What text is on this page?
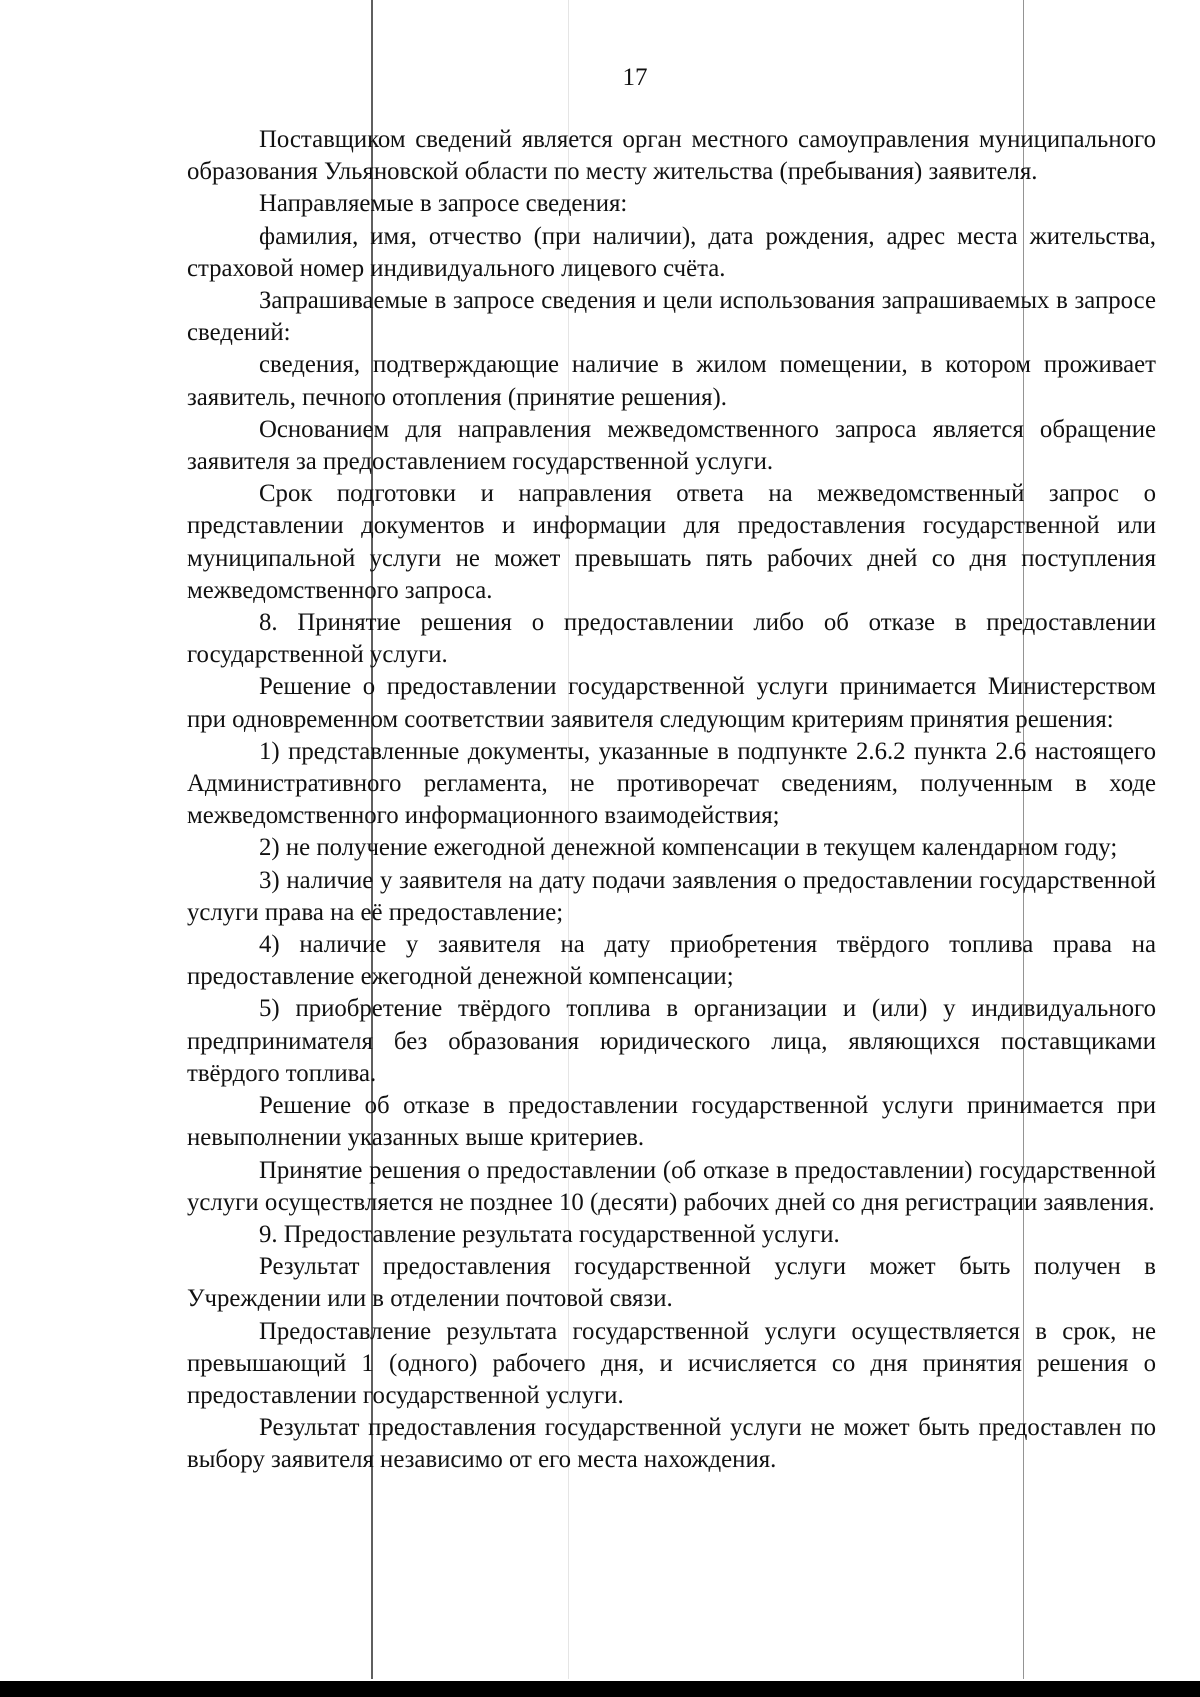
17

Поставщиком сведений является орган местного самоуправления муниципального образования Ульяновской области по месту жительства (пребывания) заявителя.

Направляемые в запросе сведения:

фамилия, имя, отчество (при наличии), дата рождения, адрес места жительства, страховой номер индивидуального лицевого счёта.

Запрашиваемые в запросе сведения и цели использования запрашиваемых в запросе сведений:

сведения, подтверждающие наличие в жилом помещении, в котором проживает заявитель, печного отопления (принятие решения).

Основанием для направления межведомственного запроса является обращение заявителя за предоставлением государственной услуги.

Срок подготовки и направления ответа на межведомственный запрос о представлении документов и информации для предоставления государственной или муниципальной услуги не может превышать пять рабочих дней со дня поступления межведомственного запроса.

8. Принятие решения о предоставлении либо об отказе в предоставлении государственной услуги.

Решение о предоставлении государственной услуги принимается Министерством при одновременном соответствии заявителя следующим критериям принятия решения:

1) представленные документы, указанные в подпункте 2.6.2 пункта 2.6 настоящего Административного регламента, не противоречат сведениям, полученным в ходе межведомственного информационного взаимодействия;

2) не получение ежегодной денежной компенсации в текущем календарном году;

3) наличие у заявителя на дату подачи заявления о предоставлении государственной услуги права на её предоставление;

4) наличие у заявителя на дату приобретения твёрдого топлива права на предоставление ежегодной денежной компенсации;

5) приобретение твёрдого топлива в организации и (или) у индивидуального предпринимателя без образования юридического лица, являющихся поставщиками твёрдого топлива.

Решение об отказе в предоставлении государственной услуги принимается при невыполнении указанных выше критериев.

Принятие решения о предоставлении (об отказе в предоставлении) государственной услуги осуществляется не позднее 10 (десяти) рабочих дней со дня регистрации заявления.

9. Предоставление результата государственной услуги.

Результат предоставления государственной услуги может быть получен в Учреждении или в отделении почтовой связи.

Предоставление результата государственной услуги осуществляется в срок, не превышающий 1 (одного) рабочего дня, и исчисляется со дня принятия решения о предоставлении государственной услуги.

Результат предоставления государственной услуги не может быть предоставлен по выбору заявителя независимо от его места нахождения.
